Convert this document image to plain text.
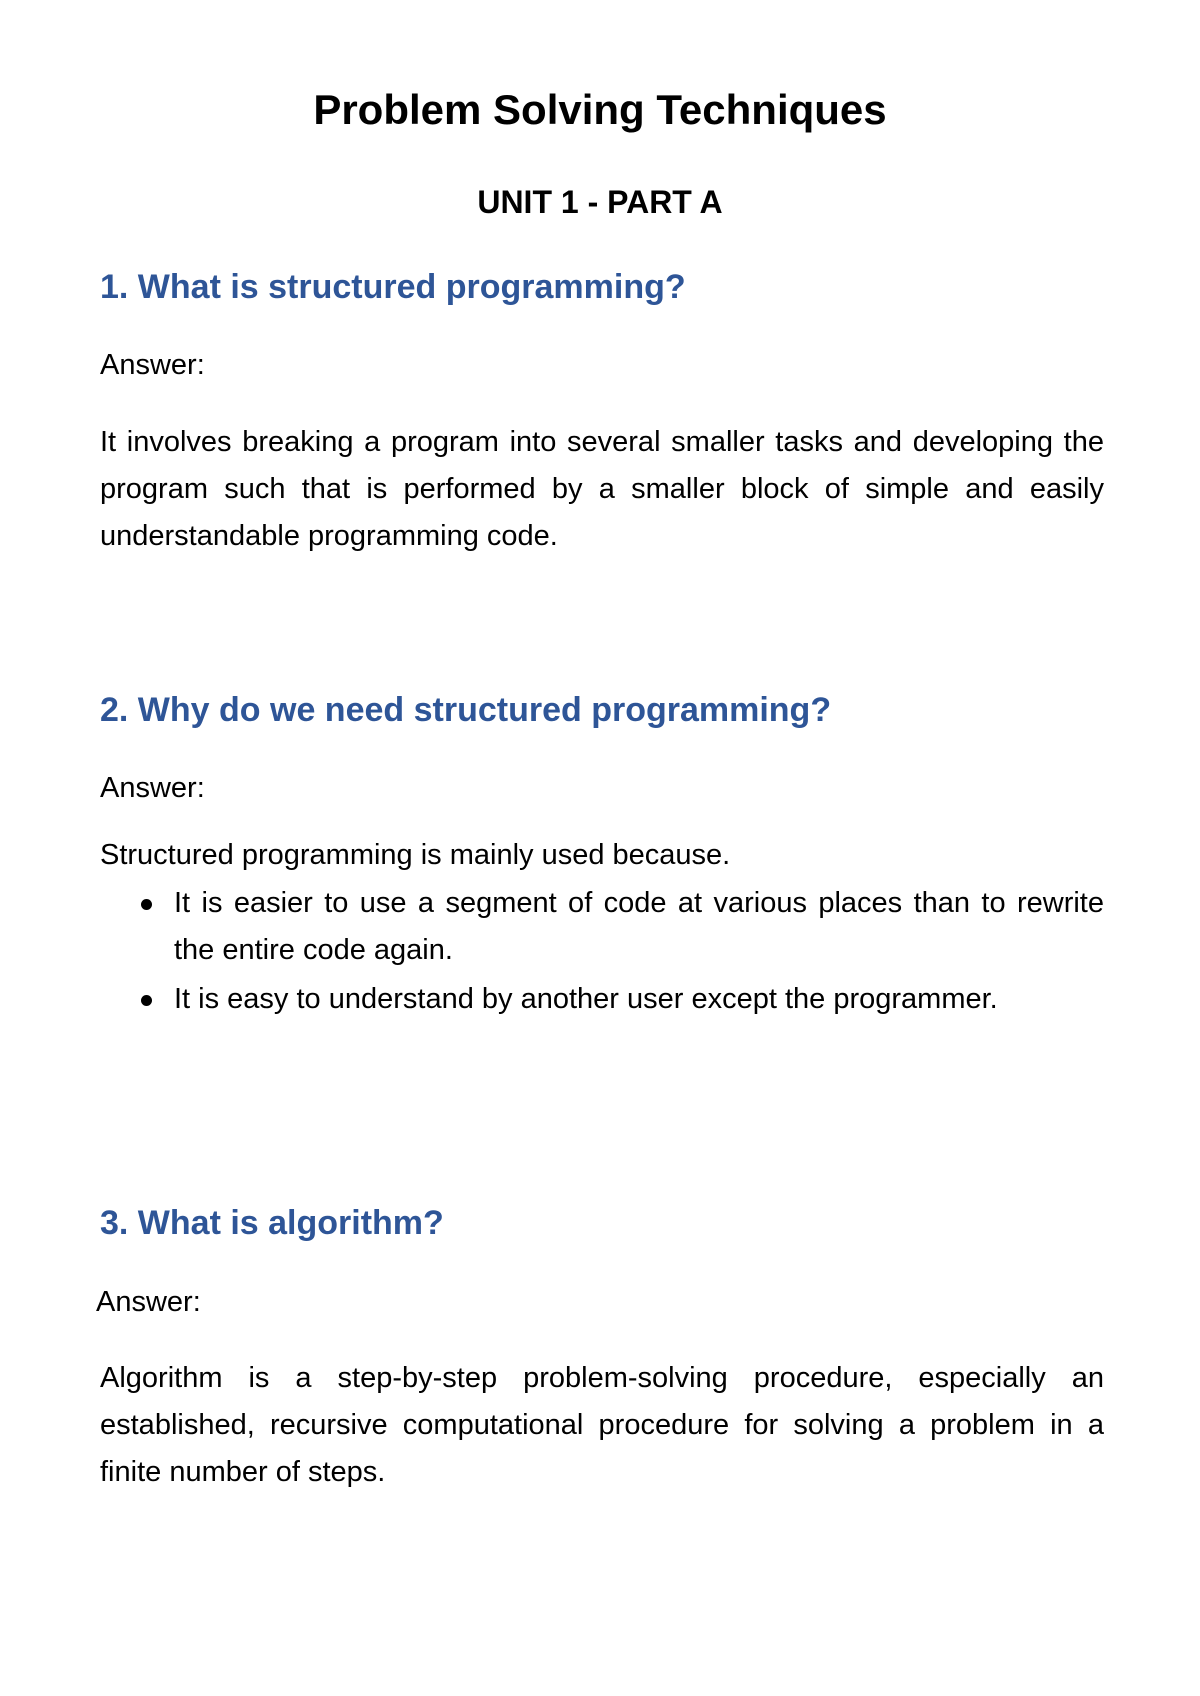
Problem Solving Techniques
UNIT 1 - PART A
1. What is structured programming?

Answer:

It involves breaking a program into several smaller tasks and developing the program such that is performed by a smaller block of simple and easily understandable programming code.

2. Why do we need structured programming?

Answer:

Structured programming is mainly used because.

It is easier to use a segment of code at various places than to rewrite the entire code again.
It is easy to understand by another user except the programmer.
3. What is algorithm?

Answer:

Algorithm is a step-by-step problem-solving procedure, especially an established, recursive computational procedure for solving a problem in a finite number of steps.
